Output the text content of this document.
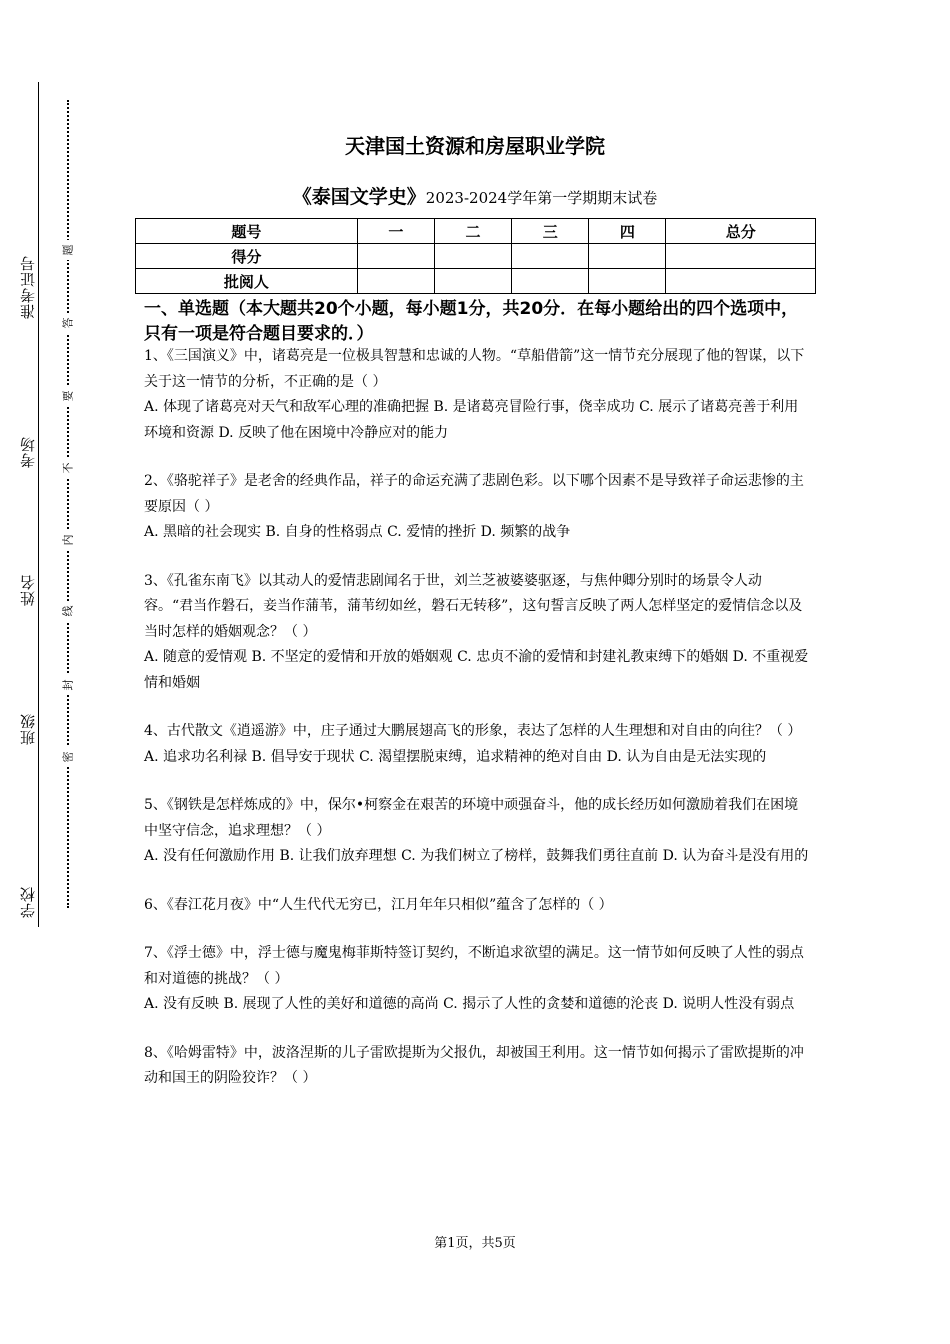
准考证号
考场
姓名
班级
学校
题
答
要
不
内
线
封
密
天津国土资源和房屋职业学院
《泰国文学史》2023-2024学年第一学期期末试卷
题号	一	二	三	四	总分
得分					
批阅人					
一、单选题（本大题共20个小题，每小题1分，共20分．在每小题给出的四个选项中，只有一项是符合题目要求的．）

1、《三国演义》中，诸葛亮是一位极具智慧和忠诚的人物。“草船借箭”这一情节充分展现了他的智谋，以下关于这一情节的分析，不正确的是（ ）

A. 体现了诸葛亮对天气和敌军心理的准确把握 B. 是诸葛亮冒险行事，侥幸成功 C. 展示了诸葛亮善于利用环境和资源 D. 反映了他在困境中冷静应对的能力

2、《骆驼祥子》是老舍的经典作品，祥子的命运充满了悲剧色彩。以下哪个因素不是导致祥子命运悲惨的主要原因（ ）

A. 黑暗的社会现实 B. 自身的性格弱点 C. 爱情的挫折 D. 频繁的战争

3、《孔雀东南飞》以其动人的爱情悲剧闻名于世，刘兰芝被婆婆驱逐，与焦仲卿分别时的场景令人动容。“君当作磐石，妾当作蒲苇，蒲苇纫如丝，磐石无转移”，这句誓言反映了两人怎样坚定的爱情信念以及当时怎样的婚姻观念？（ ）

A. 随意的爱情观 B. 不坚定的爱情和开放的婚姻观 C. 忠贞不渝的爱情和封建礼教束缚下的婚姻 D. 不重视爱情和婚姻

4、古代散文《逍遥游》中，庄子通过大鹏展翅高飞的形象，表达了怎样的人生理想和对自由的向往？（ ）

A. 追求功名利禄 B. 倡导安于现状 C. 渴望摆脱束缚，追求精神的绝对自由 D. 认为自由是无法实现的

5、《钢铁是怎样炼成的》中，保尔•柯察金在艰苦的环境中顽强奋斗，他的成长经历如何激励着我们在困境中坚守信念，追求理想？（ ）

A. 没有任何激励作用 B. 让我们放弃理想 C. 为我们树立了榜样，鼓舞我们勇往直前 D. 认为奋斗是没有用的

6、《春江花月夜》中“人生代代无穷已，江月年年只相似”蕴含了怎样的（ ）

7、《浮士德》中，浮士德与魔鬼梅菲斯特签订契约，不断追求欲望的满足。这一情节如何反映了人性的弱点和对道德的挑战？（ ）

A. 没有反映 B. 展现了人性的美好和道德的高尚 C. 揭示了人性的贪婪和道德的沦丧 D. 说明人性没有弱点

8、《哈姆雷特》中，波洛涅斯的儿子雷欧提斯为父报仇，却被国王利用。这一情节如何揭示了雷欧提斯的冲动和国王的阴险狡诈？（ ）

第1页，共5页
